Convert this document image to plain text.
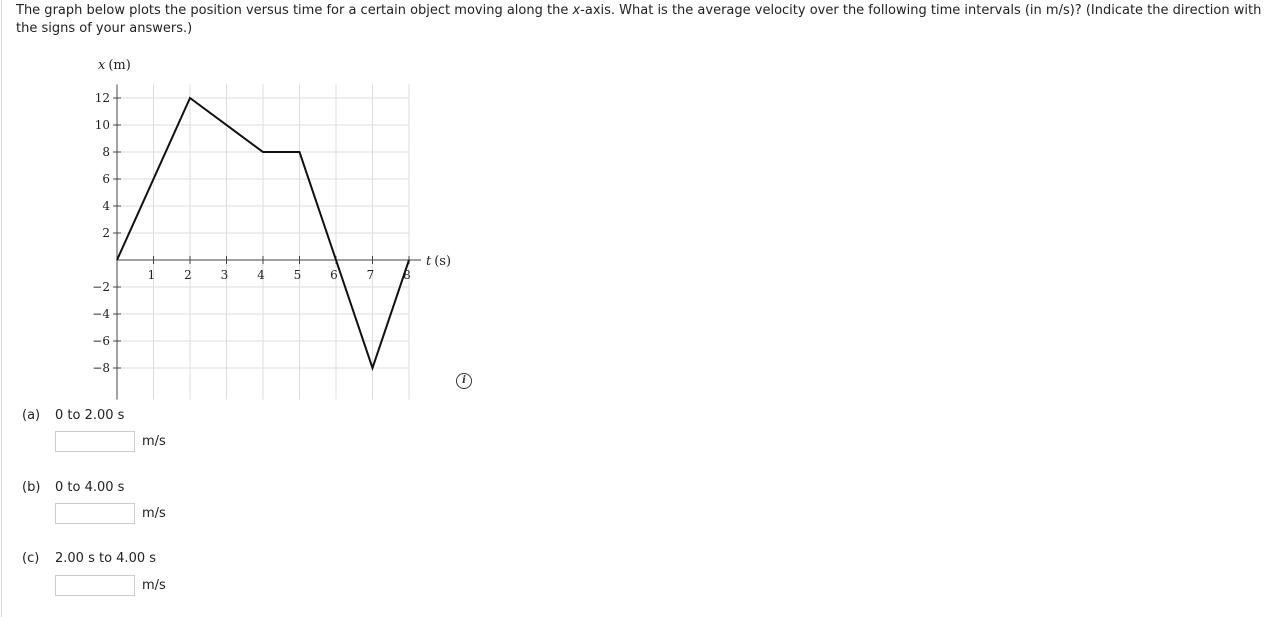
The graph below plots the position versus time for a certain object moving along the x-axis. What is the average velocity over the following time intervals (in m/s)? (Indicate the direction with the signs of your answers.)
12
10
8
6
4
2
−2
−4
−6
−8
1 2 3 4 5 6 7 8
x (m)
t (s)
i
(a) 0 to 2.00 s
m/s
(b) 0 to 4.00 s
m/s
(c) 2.00 s to 4.00 s
m/s
